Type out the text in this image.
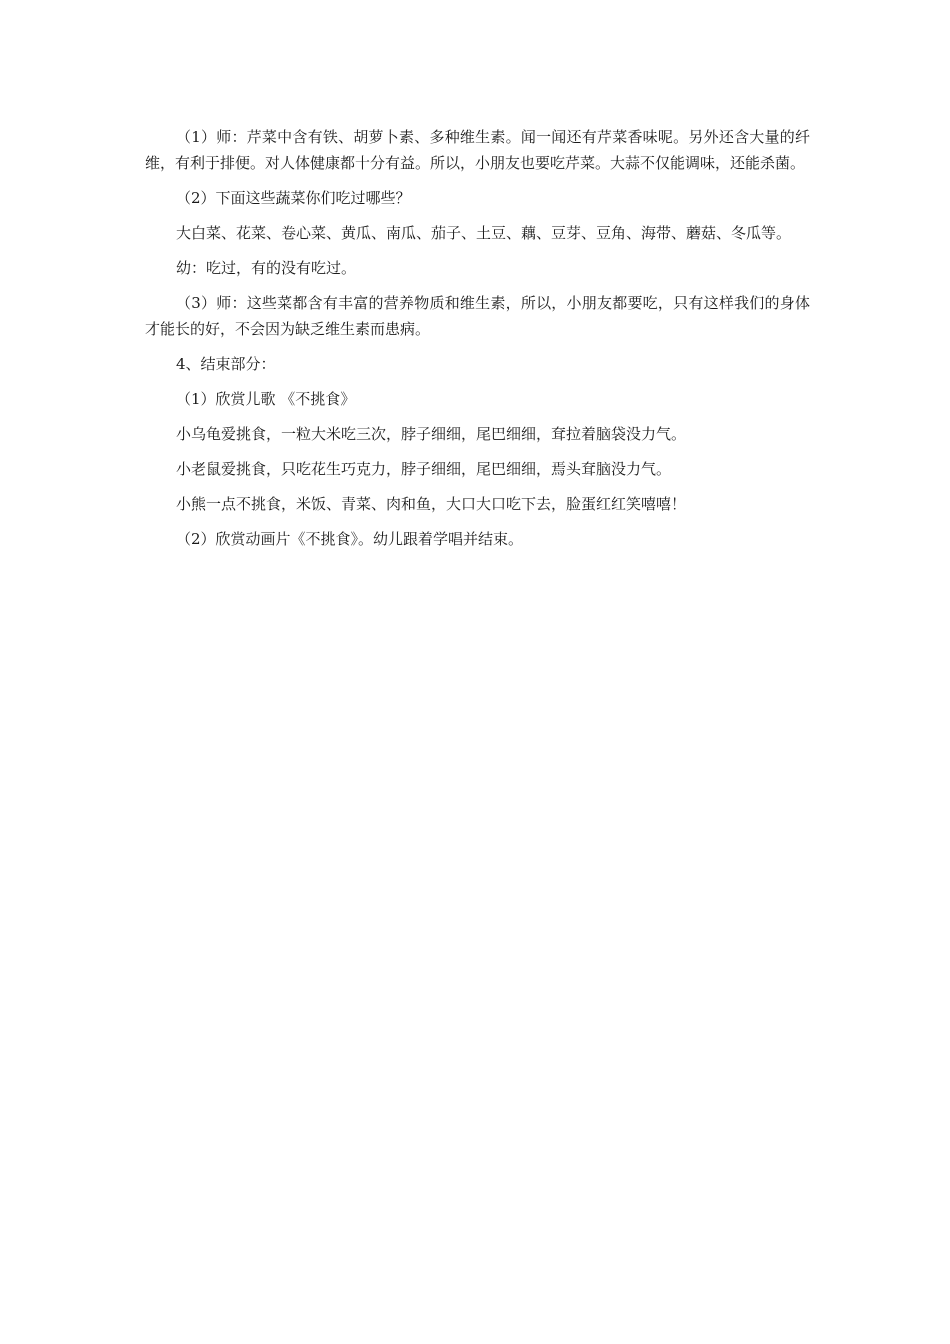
（1）师：芹菜中含有铁、胡萝卜素、多种维生素。闻一闻还有芹菜香味呢。另外还含大量的纤维，有利于排便。对人体健康都十分有益。所以，小朋友也要吃芹菜。大蒜不仅能调味，还能杀菌。

（2）下面这些蔬菜你们吃过哪些？

大白菜、花菜、卷心菜、黄瓜、南瓜、茄子、土豆、藕、豆芽、豆角、海带、蘑菇、冬瓜等。

幼：吃过，有的没有吃过。

（3）师：这些菜都含有丰富的营养物质和维生素，所以，小朋友都要吃，只有这样我们的身体才能长的好，不会因为缺乏维生素而患病。

4、结束部分：

（1）欣赏儿歌 《不挑食》

小乌龟爱挑食，一粒大米吃三次，脖子细细，尾巴细细，耷拉着脑袋没力气。

小老鼠爱挑食，只吃花生巧克力，脖子细细，尾巴细细，焉头耷脑没力气。

小熊一点不挑食，米饭、青菜、肉和鱼，大口大口吃下去，脸蛋红红笑嘻嘻！

（2）欣赏动画片《不挑食》。幼儿跟着学唱并结束。
